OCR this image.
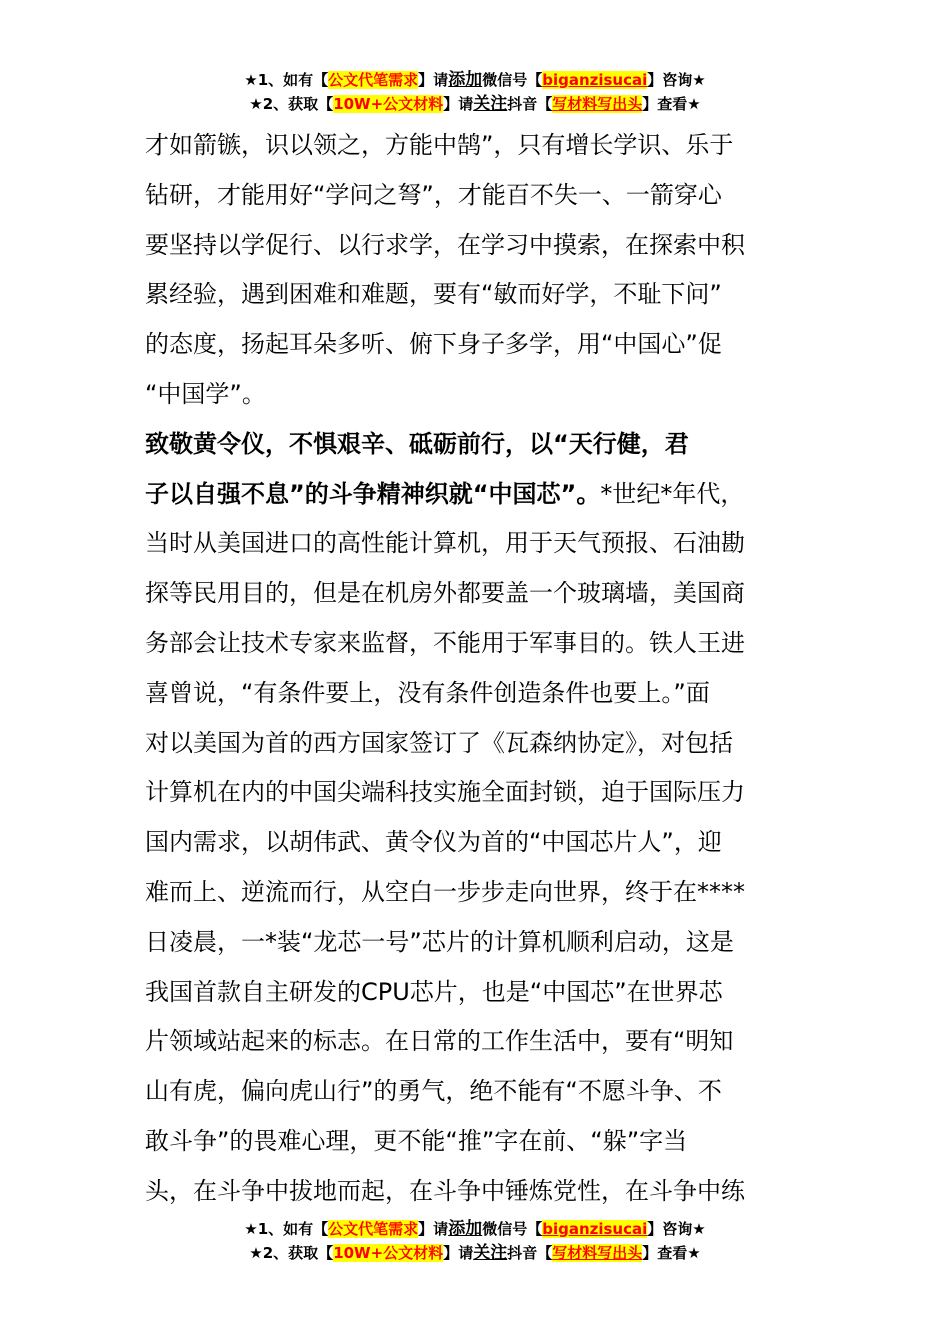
★1、如有【公文代笔需求】请添加微信号【biganzisucai】咨询★
★2、获取【10W+公文材料】请关注抖音【写材料写出头】查看★
才如箭镞，识以领之，方能中鹄”，只有增长学识、乐于
钻研，才能用好“学问之弩”，才能百不失一、一箭穿心
要坚持以学促行、以行求学，在学习中摸索，在探索中积
累经验，遇到困难和难题，要有“敏而好学，不耻下问”
的态度，扬起耳朵多听、俯下身子多学，用“中国心”促
“中国学”。
　　致敬黄令仪，不惧艰辛、砥砺前行，以“天行健，君
子以自强不息”的斗争精神织就“中国芯”。*世纪*年代，
当时从美国进口的高性能计算机，用于天气预报、石油勘
探等民用目的，但是在机房外都要盖一个玻璃墙，美国商
务部会让技术专家来监督，不能用于军事目的。铁人王进
喜曾说，“有条件要上，没有条件创造条件也要上。”面
对以美国为首的西方国家签订了《瓦森纳协定》，对包括
计算机在内的中国尖端科技实施全面封锁，迫于国际压力
国内需求，以胡伟武、黄令仪为首的“中国芯片人”，迎
难而上、逆流而行，从空白一步步走向世界，终于在****
日凌晨，一*装“龙芯一号”芯片的计算机顺利启动，这是
我国首款自主研发的CPU芯片，也是“中国芯”在世界芯
片领域站起来的标志。在日常的工作生活中，要有“明知
山有虎，偏向虎山行”的勇气，绝不能有“不愿斗争、不
敢斗争”的畏难心理，更不能“推”字在前、“躲”字当
头，在斗争中拔地而起，在斗争中锤炼党性，在斗争中练
★1、如有【公文代笔需求】请添加微信号【biganzisucai】咨询★
★2、获取【10W+公文材料】请关注抖音【写材料写出头】查看★
